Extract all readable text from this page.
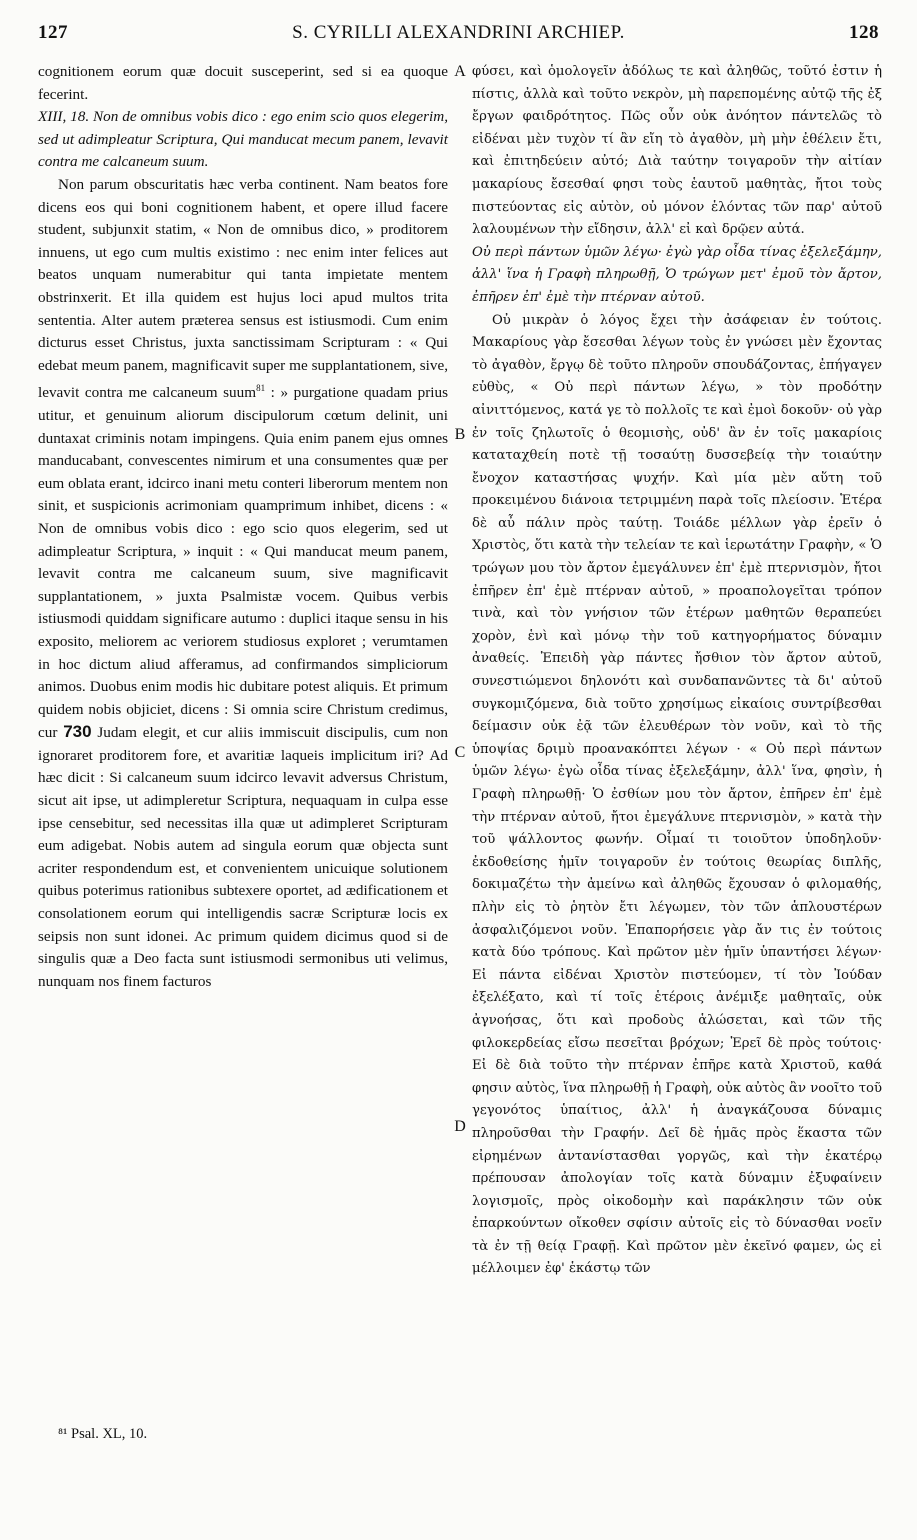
127	S. CYRILLI ALEXANDRINI ARCHIEP.	128

cognitionem eorum quæ docuit susceperint, sed si ea quoque fecerint.

XIII, 18. Non de omnibus vobis dico : ego enim scio quos elegerim, sed ut adimpleatur Scriptura, Qui manducat mecum panem, levavit contra me calcaneum suum.

Non parum obscuritatis hæc verba continent. Nam beatos fore dicens eos qui boni cognitionem habent, et opere illud facere student, subjunxit statim, « Non de omnibus dico, » proditorem innuens, ut ego cum multis existimo : nec enim inter felices aut beatos unquam numerabitur qui tanta impietate mentem obstrinxerit. Et illa quidem est hujus loci apud multos trita sententia. Alter autem præterea sensus est istiusmodi. Cum enim dicturus esset Christus, juxta sanctissimam Scripturam : « Qui edebat meum panem, magnificavit super me supplantationem, sive, levavit contra me calcaneum suum$^{81}$ : » purgatione quadam prius utitur, et genuinum aliorum discipulorum cœtum delinit, uni duntaxat criminis notam impingens. Quia enim panem ejus omnes manducabant, convescentes nimirum et una consumentes quæ per eum oblata erant, idcirco inani metu conteri liberorum mentem non sinit, et suspicionis acrimoniam quamprimum inhibet, dicens : « Non de omnibus vobis dico : ego scio quos elegerim, sed ut adimpleatur Scriptura, » inquit : « Qui manducat meum panem, levavit contra me calcaneum suum, sive magnificavit supplantationem, » juxta Psalmistæ vocem. Quibus verbis istiusmodi quiddam significare autumo : duplici itaque sensu in his exposito, meliorem ac veriorem studiosus exploret ; verumtamen in hoc dictum aliud afferamus, ad confirmandos simpliciorum animos. Duobus enim modis hic dubitare potest aliquis. Et primum quidem nobis objiciet, dicens : Si omnia scire Christum credimus, cur 730 Judam elegit, et cur aliis immiscuit discipulis, cum non ignoraret proditorem fore, et avaritiæ laqueis implicitum iri? Ad hæc dicit : Si calcaneum suum idcirco levavit adversus Christum, sicut ait ipse, ut adimpleretur Scriptura, nequaquam in culpa esse ipse censebitur, sed necessitas illa quæ ut adimpleret Scripturam eum adigebat. Nobis autem ad singula eorum quæ objecta sunt acriter respondendum est, et convenientem unicuique solutionem quibus poterimus rationibus subtexere oportet, ad ædificationem et consolationem eorum qui intelligendis sacræ Scripturæ locis ex seipsis non sunt idonei. Ac primum quidem dicimus quod si de singulis quæ a Deo facta sunt istiusmodi sermonibus uti velimus, nunquam nos finem facturos

A
B
C
D

φύσει, καὶ ὁμολογεῖν ἀδόλως τε καὶ ἀληθῶς, τοῦτό ἐστιν ἡ πίστις, ἀλλὰ καὶ τοῦτο νεκρὸν, μὴ παρεπομένης αὐτῷ τῆς ἐξ ἔργων φαιδρότητος. Πῶς οὖν οὐκ ἀνόητον πάντελῶς τὸ εἰδέναι μὲν τυχὸν τί ἂν εἴη τὸ ἀγαθὸν, μὴ μὴν ἐθέλειν ἔτι, καὶ ἐπιτηδεύειν αὐτό; Διὰ ταύτην τοιγαροῦν τὴν αἰτίαν μακαρίους ἔσεσθαί φησι τοὺς ἑαυτοῦ μαθητὰς, ἤτοι τοὺς πιστεύοντας εἰς αὐτὸν, οὐ μόνον ἑλόντας τῶν παρ' αὐτοῦ λαλουμένων τὴν εἴδησιν, ἀλλ' εἰ καὶ δρῷεν αὐτά.

Οὐ περὶ πάντων ὑμῶν λέγω· ἐγὼ γὰρ οἶδα τίνας ἐξελεξάμην, ἀλλ' ἵνα ἡ Γραφὴ πληρωθῇ, Ὁ τρώγων μετ' ἐμοῦ τὸν ἄρτον, ἐπῆρεν ἐπ' ἐμὲ τὴν πτέρναν αὐτοῦ.

Οὐ μικρὰν ὁ λόγος ἔχει τὴν ἀσάφειαν ἐν τούτοις. Μακαρίους γὰρ ἔσεσθαι λέγων τοὺς ἐν γνώσει μὲν ἔχοντας τὸ ἀγαθὸν, ἔργῳ δὲ τοῦτο πληροῦν σπουδάζοντας, ἐπήγαγεν εὐθὺς, « Οὐ περὶ πάντων λέγω, » τὸν προδότην αἰνιττόμενος, κατά γε τὸ πολλοῖς τε καὶ ἐμοὶ δοκοῦν· οὐ γὰρ ἐν τοῖς ζηλωτοῖς ὁ θεομισὴς, οὐδ' ἂν ἐν τοῖς μακαρίοις καταταχθείη ποτὲ τῇ τοσαύτῃ δυσσεβείᾳ τὴν τοιαύτην ἔνοχον καταστήσας ψυχήν. Καὶ μία μὲν αὕτη τοῦ προκειμένου διάνοια τετριμμένη παρὰ τοῖς πλείοσιν. Ἑτέρα δὲ αὖ πάλιν πρὸς ταύτῃ. Τοιάδε μέλλων γὰρ ἐρεῖν ὁ Χριστὸς, ὅτι κατὰ τὴν τελείαν τε καὶ ἱερωτάτην Γραφὴν, « Ὁ τρώγων μου τὸν ἄρτον ἐμεγάλυνεν ἐπ' ἐμὲ πτερνισμὸν, ἤτοι ἐπῆρεν ἐπ' ἐμὲ πτέρναν αὐτοῦ, » προαπολογεῖται τρόπον τινὰ, καὶ τὸν γνήσιον τῶν ἑτέρων μαθητῶν θεραπεύει χορὸν, ἑνὶ καὶ μόνῳ τὴν τοῦ κατηγορήματος δύναμιν ἀναθείς. Ἐπειδὴ γὰρ πάντες ἤσθιον τὸν ἄρτον αὐτοῦ, συνεστιώμενοι δηλονότι καὶ συνδαπανῶντες τὰ δι' αὐτοῦ συγκομιζόμενα, διὰ τοῦτο χρησίμως εἰκαίοις συντρίβεσθαι δείμασιν οὐκ ἐᾷ τῶν ἐλευθέρων τὸν νοῦν, καὶ τὸ τῆς ὑποψίας δριμὺ προανακόπτει λέγων · « Οὐ περὶ πάντων ὑμῶν λέγω· ἐγὼ οἶδα τίνας ἐξελεξάμην, ἀλλ' ἵνα, φησὶν, ἡ Γραφὴ πληρωθῇ· Ὁ ἐσθίων μου τὸν ἄρτον, ἐπῆρεν ἐπ' ἐμὲ τὴν πτέρναν αὐτοῦ, ἤτοι ἐμεγάλυνε πτερνισμὸν, » κατὰ τὴν τοῦ ψάλλοντος φωνήν. Οἶμαί τι τοιοῦτον ὑποδηλοῦν· ἐκδοθείσης ἡμῖν τοιγαροῦν ἐν τούτοις θεωρίας διπλῆς, δοκιμαζέτω τὴν ἀμείνω καὶ ἀληθῶς ἔχουσαν ὁ φιλομαθής, πλὴν εἰς τὸ ῥητὸν ἔτι λέγωμεν, τὸν τῶν ἁπλουστέρων ἀσφαλιζόμενοι νοῦν. Ἐπαπορήσειε γὰρ ἄν τις ἐν τούτοις κατὰ δύο τρόπους. Καὶ πρῶτον μὲν ἡμῖν ὑπαντήσει λέγων· Εἰ πάντα εἰδέναι Χριστὸν πιστεύομεν, τί τὸν Ἰούδαν ἐξελέξατο, καὶ τί τοῖς ἑτέροις ἀνέμιξε μαθηταῖς, οὐκ ἀγνοήσας, ὅτι καὶ προδοὺς ἁλώσεται, καὶ τῶν τῆς φιλοκερδείας εἴσω πεσεῖται βρόχων; Ἐρεῖ δὲ πρὸς τούτοις· Εἰ δὲ διὰ τοῦτο τὴν πτέρναν ἐπῆρε κατὰ Χριστοῦ, καθά φησιν αὐτὸς, ἵνα πληρωθῇ ἡ Γραφὴ, οὐκ αὐτὸς ἂν νοοῖτο τοῦ γεγονότος ὑπαίτιος, ἀλλ' ἡ ἀναγκάζουσα δύναμις πληροῦσθαι τὴν Γραφήν. Δεῖ δὲ ἡμᾶς πρὸς ἕκαστα τῶν εἰρημένων ἀντανίστασθαι γοργῶς, καὶ τὴν ἑκατέρῳ πρέπουσαν ἀπολογίαν τοῖς κατὰ δύναμιν ἐξυφαίνειν λογισμοῖς, πρὸς οἰκοδομὴν καὶ παράκλησιν τῶν οὐκ ἐπαρκούντων οἴκοθεν σφίσιν αὐτοῖς εἰς τὸ δύνασθαι νοεῖν τὰ ἐν τῇ θείᾳ Γραφῇ. Καὶ πρῶτον μὲν ἐκεῖνό φαμεν, ὡς εἰ μέλλοιμεν ἐφ' ἑκάστῳ τῶν

⁸¹ Psal. XL, 10.
